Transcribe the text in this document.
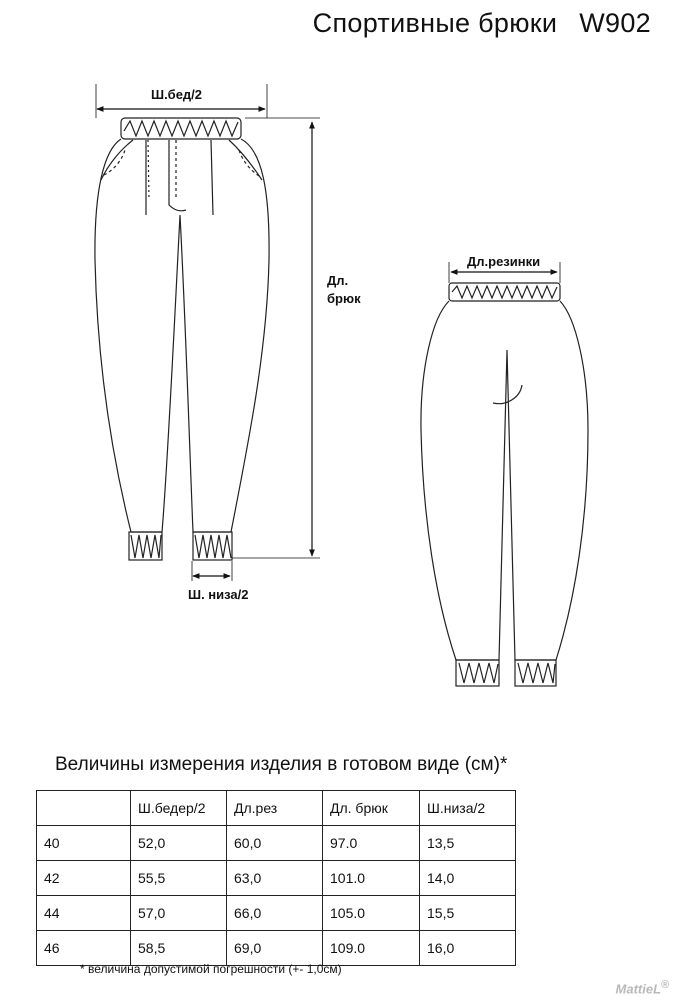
Спортивные брюки W902
Ш.бед/2
Дл.
брюк
Ш. низа/2
Дл.резинки
Величины измерения изделия в готовом виде (см)*
	Ш.бедер/2	Дл.рез	Дл. брюк	Ш.низа/2
40	52,0	60,0	97.0	13,5
42	55,5	63,0	101.0	14,0
44	57,0	66,0	105.0	15,5
46	58,5	69,0	109.0	16,0
* величина допустимой погрешности (+- 1,0см)
MattieL®
